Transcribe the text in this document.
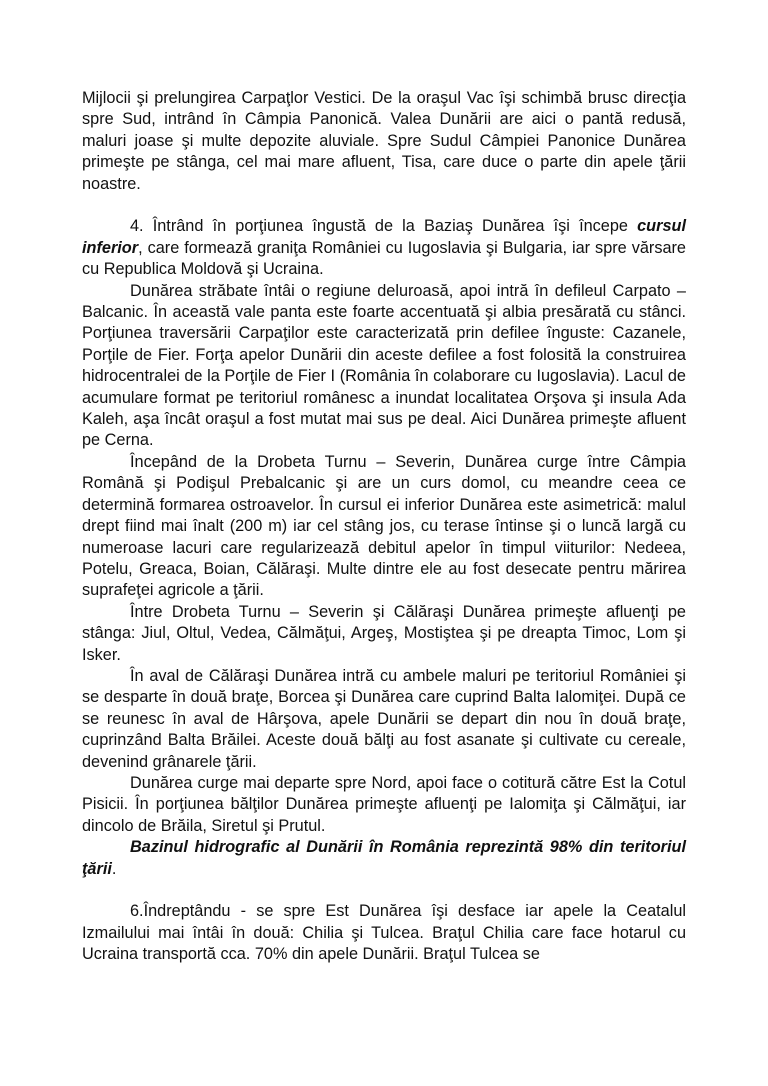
Mijlocii şi prelungirea Carpaţlor Vestici. De la oraşul Vac îşi schimbă brusc direcţia spre Sud, intrând în Câmpia Panonică. Valea Dunării are aici o pantă redusă, maluri joase şi multe depozite aluviale. Spre Sudul Câmpiei Panonice Dunărea primeşte pe stânga, cel mai mare afluent, Tisa, care duce o parte din apele ţării noastre.

4. Întrând în porţiunea îngustă de la Baziaş Dunărea îşi începe cursul inferior, care formează graniţa României cu Iugoslavia şi Bulgaria, iar spre vărsare cu Republica Moldovă şi Ucraina.

Dunărea străbate întâi o regiune deluroasă, apoi intră în defileul Carpato – Balcanic. În această vale panta este foarte accentuată şi albia presărată cu stânci. Porţiunea traversării Carpaţilor este caracterizată prin defilee înguste: Cazanele, Porţile de Fier. Forţa apelor Dunării din aceste defilee a fost folosită la construirea hidrocentralei de la Porţile de Fier I (România în colaborare cu Iugoslavia). Lacul de acumulare format pe teritoriul românesc a inundat localitatea Orşova şi insula Ada Kaleh, aşa încât oraşul a fost mutat mai sus pe deal. Aici Dunărea primeşte afluent pe Cerna.

Începând de la Drobeta Turnu – Severin, Dunărea curge între Câmpia Română şi Podişul Prebalcanic şi are un curs domol, cu meandre ceea ce determină formarea ostroavelor. În cursul ei inferior Dunărea este asimetrică: malul drept fiind mai înalt (200 m) iar cel stâng jos, cu terase întinse şi o luncă largă cu numeroase lacuri care regularizează debitul apelor în timpul viiturilor: Nedeea, Potelu, Greaca, Boian, Călăraşi. Multe dintre ele au fost desecate pentru mărirea suprafeţei agricole a ţării.

Între Drobeta Turnu – Severin şi Călăraşi Dunărea primeşte afluenţi pe stânga: Jiul, Oltul, Vedea, Călmăţui, Argeş, Mostiştea şi pe dreapta Timoc, Lom şi Isker.

În aval de Călăraşi Dunărea intră cu ambele maluri pe teritoriul României şi se desparte în două braţe, Borcea şi Dunărea care cuprind Balta Ialomiţei. După ce se reunesc în aval de Hârşova, apele Dunării se depart din nou în două braţe, cuprinzând Balta Brăilei. Aceste două bălţi au fost asanate şi cultivate cu cereale, devenind grânarele ţării.

Dunărea curge mai departe spre Nord, apoi face o cotitură către Est la Cotul Pisicii. În porţiunea bălţilor Dunărea primeşte afluenţi pe Ialomiţa şi Călmăţui, iar dincolo de Brăila, Siretul şi Prutul.

Bazinul hidrografic al Dunării în România reprezintă 98% din teritoriul ţării.

6.Îndreptându - se spre Est Dunărea îşi desface iar apele la Ceatalul Izmailului mai întâi în două: Chilia şi Tulcea. Braţul Chilia care face hotarul cu Ucraina transportă cca. 70% din apele Dunării. Braţul Tulcea se
